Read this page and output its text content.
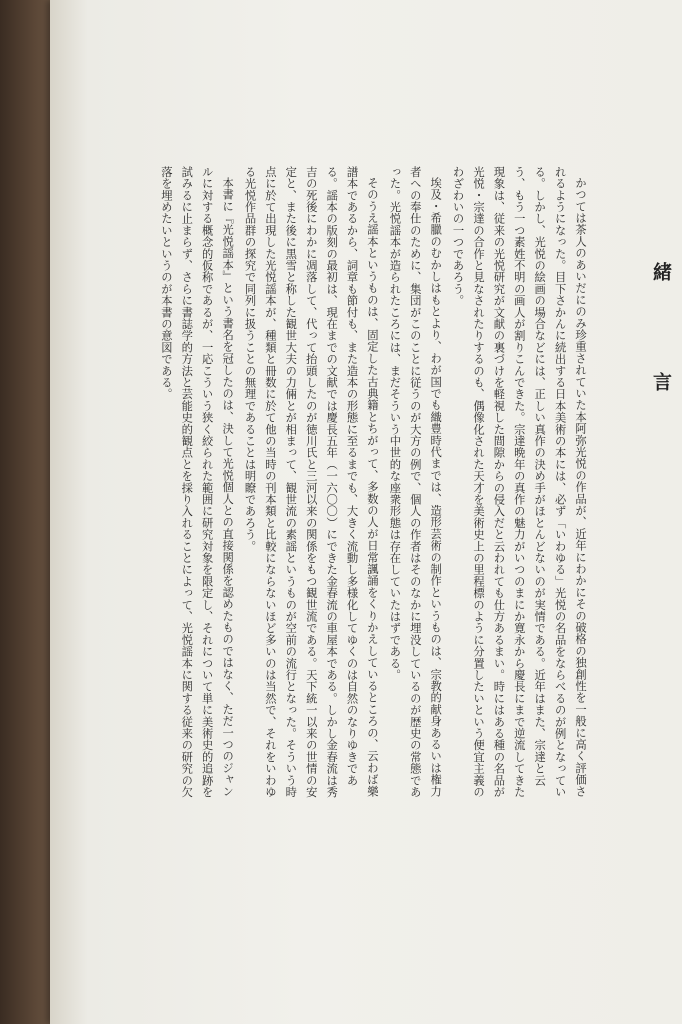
緒　言

かつては茶人のあいだにのみ珍重されていた本阿弥光悦の作品が、近年にわかにその破格の独創性を一般に高く評価されるようになった。目下さかんに続出する日本美術の本には、必ず「いわゆる」光悦の名品をならべるのが例となっている。しかし、光悦の絵画の場合などには、正しい真作の決め手がほとんどないのが実情である。近年はまた、宗達と云う、もう一つ素姓不明の画人が割りこんできた。宗達晩年の真作の魅力がいつのまにか寛永から慶長にまで逆流してきた現象は、従来の光悦研究が文献の裏づけを軽視した間隙からの侵入だと云われても仕方あるまい。時にはある種の名品が光悦・宗達の合作と見なされたりするのも、偶像化された天才を美術史上の里程標のように分置したいという便宜主義のわざわいの一つであろう。

埃及・希臘のむかしはもとより、わが国でも織豊時代までは、造形芸術の制作というものは、宗教的献身あるいは権力者への奉仕のために、集団がこのことに従うのが大方の例で、個人の作者はそのなかに埋没しているのが歴史の常態であった。光悦謡本が造られたころには、まだそういう中世的な座衆形態は存在していたはずである。

そのうえ謡本というものは、固定した古典籍とちがって、多数の人が日常諷誦をくりかえしているところの、云わば樂譜本であるから、詞章も節付も、また造本の形態に至るまでも、大きく流動し多様化してゆくのは自然のなりゆきである。謡本の版刻の最初は、現在までの文献では慶長五年（一六〇〇）にできた金春流の車屋本である。しかし金春流は秀吉の死後にわかに凋落して、代って抬頭したのが徳川氏と三河以来の関係をもつ観世流である。天下統一以来の世情の安定と、また後に黒雪と称した観世大夫の力倆とが相まって、観世流の素謡というものが空前の流行となった。そういう時点に於て出現した光悦謡本が、種類と冊数に於て他の当時の刊本類と比較にならないほど多いのは当然で、それをいわゆる光悦作品群の探究で同列に扱うことの無理であることは明瞭であろう。

本書に『光悦謡本』という書名を冠したのは、決して光悦個人との直接関係を認めたものではなく、ただ一つのジャンルに対する概念的仮称であるが、一応こういう狭く絞られた範囲に研究対象を限定し、それについて単に美術史的追跡を試みるに止まらず、さらに書誌学的方法と芸能史的観点とを採り入れることによって、光悦謡本に関する従来の研究の欠落を埋めたいというのが本書の意図である。
